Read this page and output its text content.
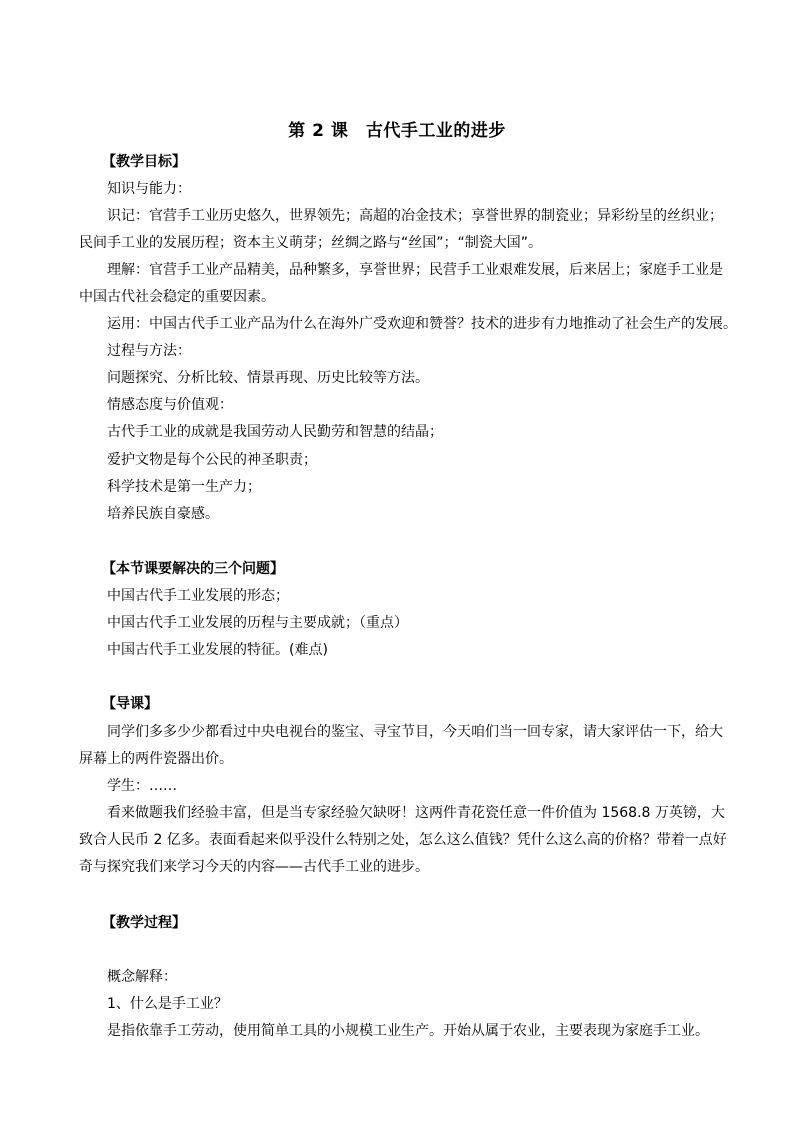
第 2 课　古代手工业的进步
【教学目标】
知识与能力：
识记：官营手工业历史悠久，世界领先；高超的冶金技术；享誉世界的制瓷业；异彩纷呈的丝织业；
民间手工业的发展历程；资本主义萌芽；丝绸之路与“丝国”；“制瓷大国”。
理解：官营手工业产品精美，品种繁多，享誉世界；民营手工业艰难发展，后来居上；家庭手工业是
中国古代社会稳定的重要因素。
运用：中国古代手工业产品为什么在海外广受欢迎和赞誉？技术的进步有力地推动了社会生产的发展。
过程与方法：
问题探究、分析比较、情景再现、历史比较等方法。
情感态度与价值观：
古代手工业的成就是我国劳动人民勤劳和智慧的结晶；
爱护文物是每个公民的神圣职责；
科学技术是第一生产力；
培养民族自豪感。
【本节课要解决的三个问题】
中国古代手工业发展的形态；
中国古代手工业发展的历程与主要成就；（重点）
中国古代手工业发展的特征。(难点)
【导课】
同学们多多少少都看过中央电视台的鉴宝、寻宝节目，今天咱们当一回专家，请大家评估一下，给大
屏幕上的两件瓷器出价。
学生：……
看来做题我们经验丰富，但是当专家经验欠缺呀！这两件青花瓷任意一件价值为 1568.8 万英镑，大
致合人民币 2 亿多。表面看起来似乎没什么特别之处，怎么这么值钱？凭什么这么高的价格？带着一点好
奇与探究我们来学习今天的内容——古代手工业的进步。
【教学过程】
概念解释：
1、什么是手工业？
是指依靠手工劳动，使用简单工具的小规模工业生产。开始从属于农业，主要表现为家庭手工业。
